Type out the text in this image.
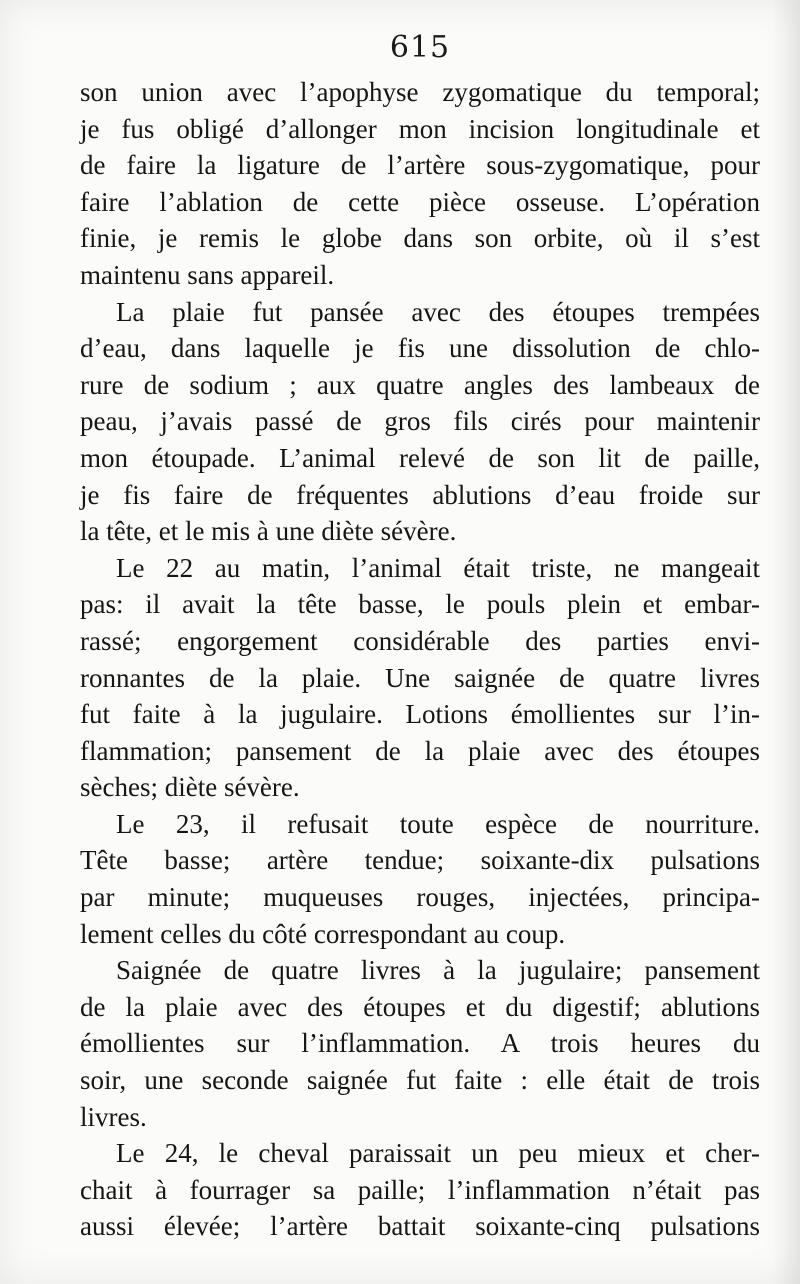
615
son union avec l’apophyse zygomatique du temporal;
je fus obligé d’allonger mon incision longitudinale et
de faire la ligature de l’artère sous-zygomatique, pour
faire l’ablation de cette pièce osseuse. L’opération
finie, je remis le globe dans son orbite, où il s’est
maintenu sans appareil.
La plaie fut pansée avec des étoupes trempées
d’eau, dans laquelle je fis une dissolution de chlo-
rure de sodium ; aux quatre angles des lambeaux de
peau, j’avais passé de gros fils cirés pour maintenir
mon étoupade. L’animal relevé de son lit de paille,
je fis faire de fréquentes ablutions d’eau froide sur
la tête, et le mis à une diète sévère.
Le 22 au matin, l’animal était triste, ne mangeait
pas: il avait la tête basse, le pouls plein et embar-
rassé; engorgement considérable des parties envi-
ronnantes de la plaie. Une saignée de quatre livres
fut faite à la jugulaire. Lotions émollientes sur l’in-
flammation; pansement de la plaie avec des étoupes
sèches; diète sévère.
Le 23, il refusait toute espèce de nourriture.
Tête basse; artère tendue; soixante-dix pulsations
par minute; muqueuses rouges, injectées, principa-
lement celles du côté correspondant au coup.
Saignée de quatre livres à la jugulaire; pansement
de la plaie avec des étoupes et du digestif; ablutions
émollientes sur l’inflammation. A trois heures du
soir, une seconde saignée fut faite : elle était de trois
livres.
Le 24, le cheval paraissait un peu mieux et cher-
chait à fourrager sa paille; l’inflammation n’était pas
aussi élevée; l’artère battait soixante-cinq pulsations
